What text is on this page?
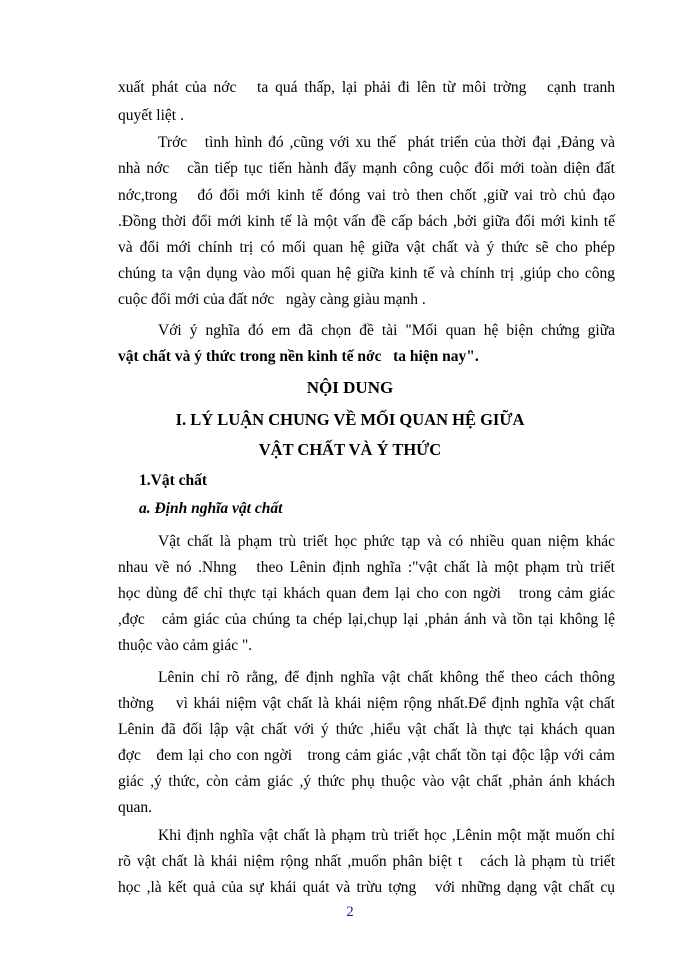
xuất phát của nớc   ta quá thấp, lại phải đi lên từ môi trờng   cạnh tranh
quyết liệt .
Trớc   tình hình đó ,cũng với xu thế  phát triển của thời đại ,Đảng và
nhà nớc   cần tiếp tục tiến hành đẩy mạnh công cuộc đổi mới toàn diện đất
nớc,trong   đó đổi mới kinh tế đóng vai trò then chốt ,giữ vai trò chủ đạo
.Đồng thời đổi mới kinh tế là một vấn đề cấp bách ,bởi giữa đổi mới kinh tế
và đổi mới chính trị có mối quan hệ giữa vật chất và ý thức sẽ cho phép
chúng ta vận dụng vào mối quan hệ giữa kinh tế và chính trị ,giúp cho công
cuộc đổi mới của đất nớc   ngày càng giàu mạnh .
Với ý nghĩa đó em đã chọn đề tài "Mối quan hệ biện chứng giữa
vật chất và ý thức trong nền kinh tế nớc   ta hiện nay".
NỘI DUNG
I. LÝ LUẬN CHUNG VỀ MỐI QUAN HỆ GIỮA
VẬT CHẤT VÀ Ý THỨC
1.Vật chất
a. Định nghĩa vật chất
Vật chất là phạm trù triết học phức tạp và có nhiều quan niệm khác
nhau về nó .Nhng   theo Lênin định nghĩa :"vật chất là một phạm trù triết
học dùng để chỉ thực tại khách quan đem lại cho con ngời   trong cảm giác
,đợc   cảm giác của chúng ta chép lại,chụp lại ,phản ánh và tồn tại không lệ
thuộc vào cảm giác ".
Lênin chỉ rõ rằng, để định nghĩa vật chất không thể theo cách thông
thờng    vì khái niệm vật chất là khái niệm rộng nhất.Để định nghĩa vật chất
Lênin đã đối lập vật chất với ý thức ,hiểu vật chất là thực tại khách quan
đợc   đem lại cho con ngời   trong cảm giác ,vật chất tồn tại độc lập với cảm
giác ,ý thức, còn cảm giác ,ý thức phụ thuộc vào vật chất ,phản ánh khách
quan.
Khi định nghĩa vật chất là phạm trù triết học ,Lênin một mặt muốn chỉ
rõ vật chất là khái niệm rộng nhất ,muốn phân biệt t   cách là phạm tù triết
học ,là kết quả của sự khái quát và trừu tợng   với những dạng vật chất cụ
2
